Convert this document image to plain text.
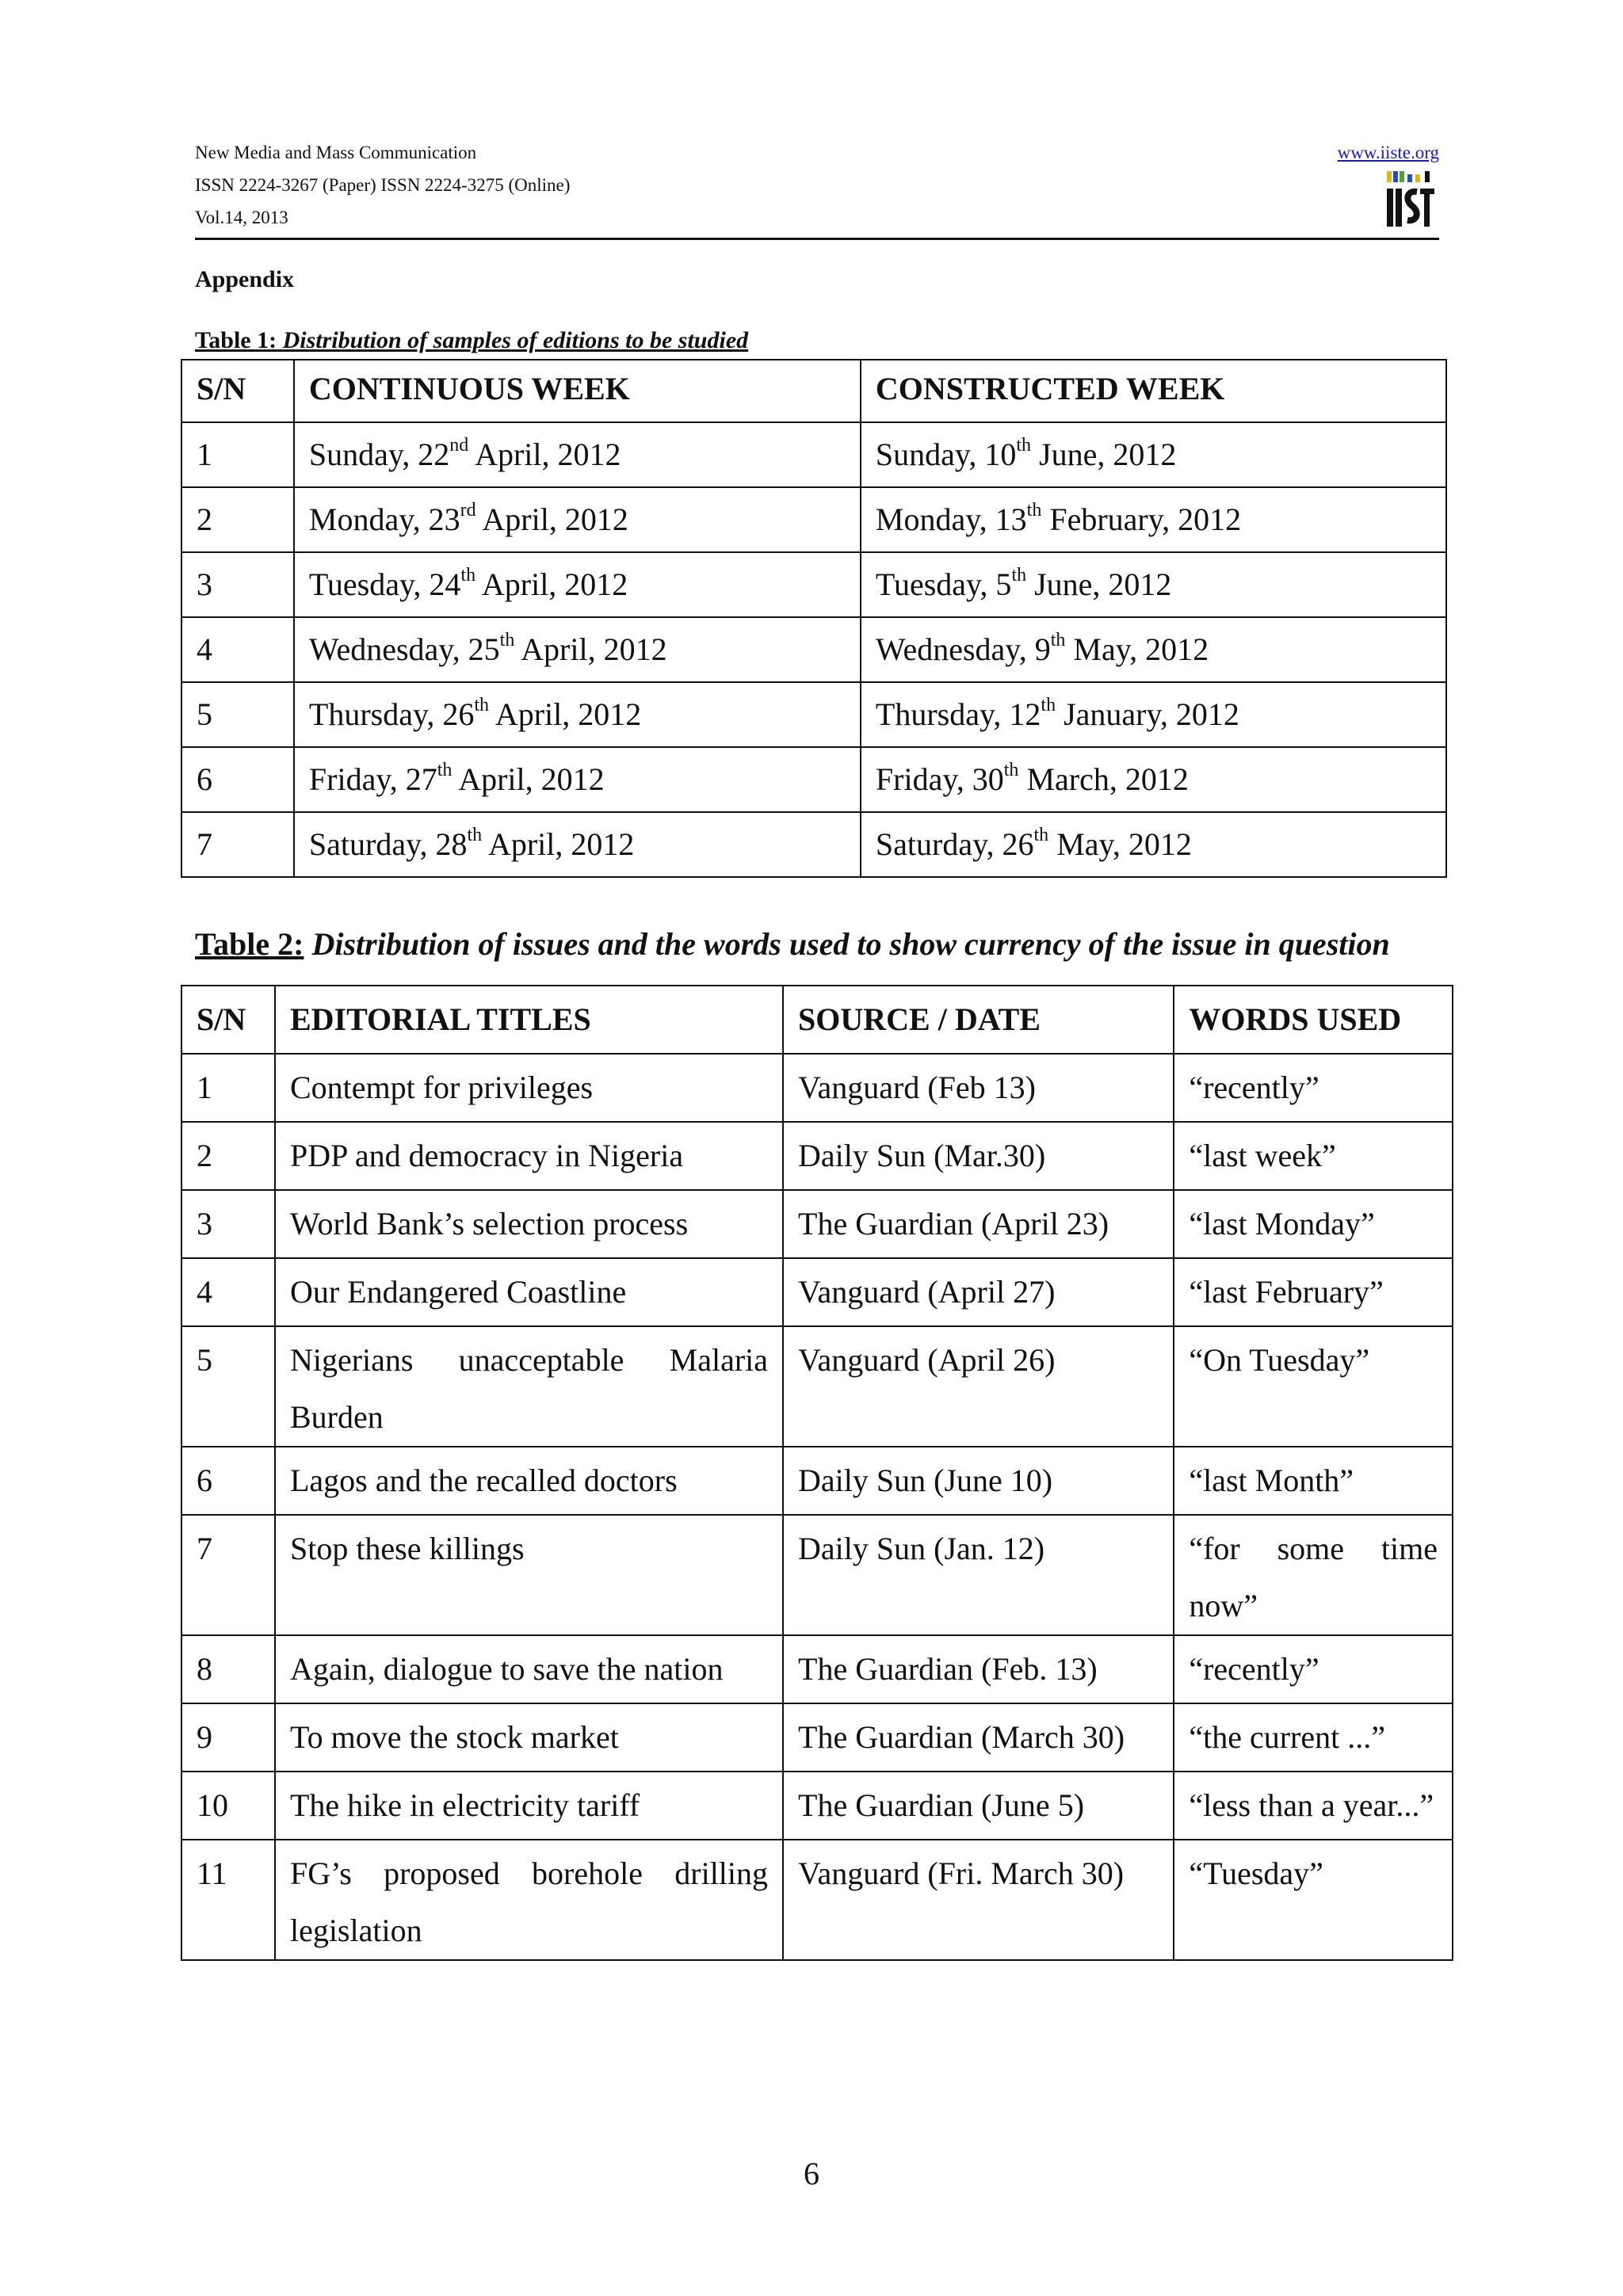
New Media and Mass Communication
ISSN 2224-3267 (Paper) ISSN 2224-3275 (Online)
Vol.14, 2013
www.iiste.org
Appendix
Table 1: Distribution of samples of editions to be studied
S/N	CONTINUOUS WEEK	CONSTRUCTED WEEK
1	Sunday, 22nd April, 2012	Sunday, 10th June, 2012
2	Monday, 23rd April, 2012	Monday, 13th February, 2012
3	Tuesday, 24th April, 2012	Tuesday, 5th June, 2012
4	Wednesday, 25th April, 2012	Wednesday, 9th May, 2012
5	Thursday, 26th April, 2012	Thursday, 12th January, 2012
6	Friday, 27th April, 2012	Friday, 30th March, 2012
7	Saturday, 28th April, 2012	Saturday, 26th May, 2012
Table 2: Distribution of issues and the words used to show currency of the issue in question
S/N	EDITORIAL TITLES	SOURCE / DATE	WORDS USED
1	Contempt for privileges	Vanguard (Feb 13)	“recently”
2	PDP and democracy in Nigeria	Daily Sun (Mar.30)	“last week”
3	World Bank’s selection process	The Guardian (April 23)	“last Monday”
4	Our Endangered Coastline	Vanguard (April 27)	“last February”
5	Nigerians unacceptable Malaria Burden	Vanguard (April 26)	“On Tuesday”
6	Lagos and the recalled doctors	Daily Sun (June 10)	“last Month”
7	Stop these killings	Daily Sun (Jan. 12)	“for some time now”
8	Again, dialogue to save the nation	The Guardian (Feb. 13)	“recently”
9	To move the stock market	The Guardian (March 30)	“the current ...”
10	The hike in electricity tariff	The Guardian (June 5)	“less than a year...”
11	FG’s proposed borehole drilling legislation	Vanguard (Fri. March 30)	“Tuesday”
6
